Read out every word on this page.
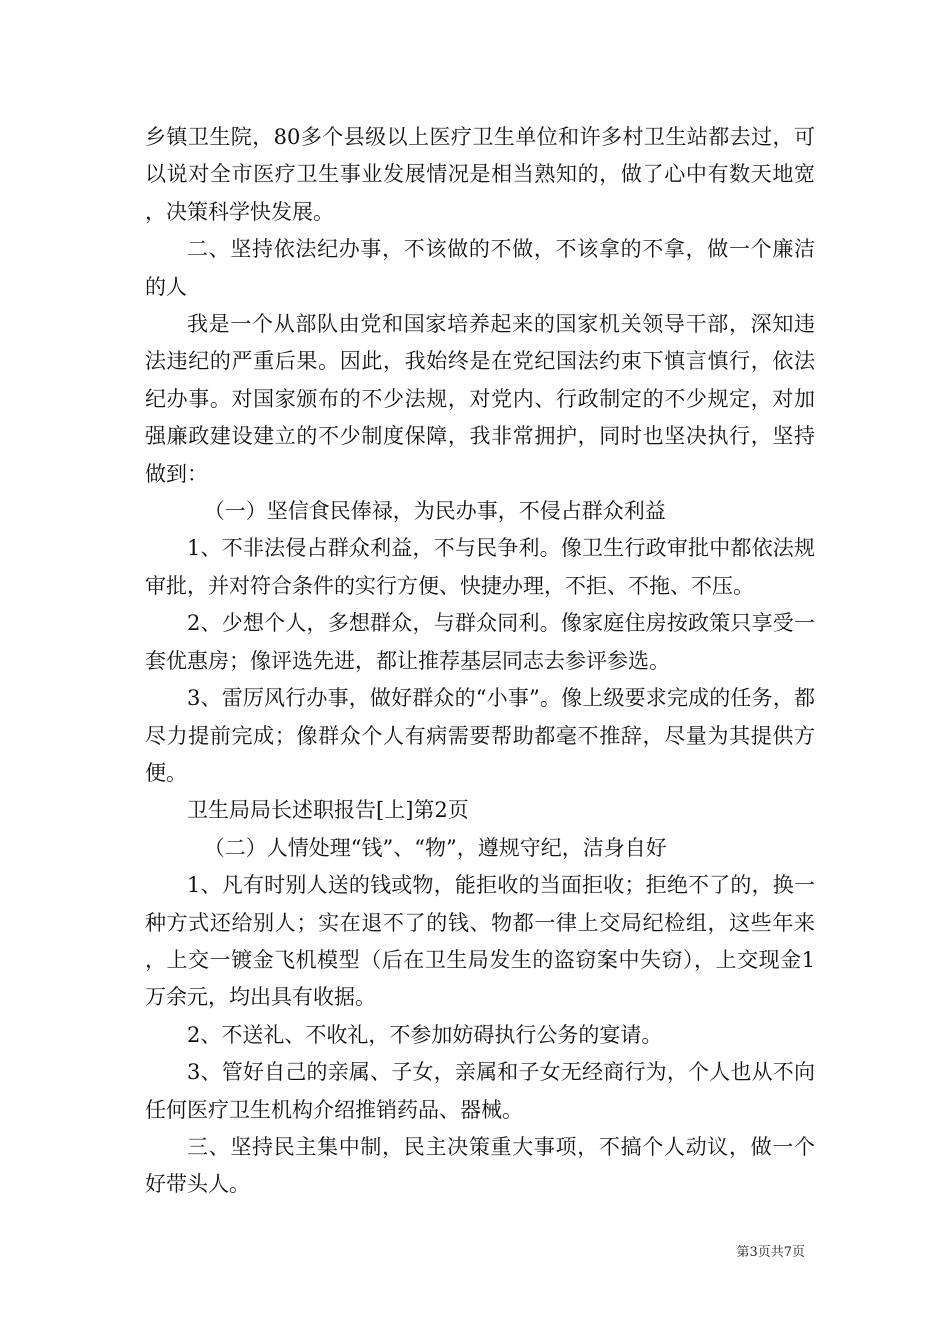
乡镇卫生院，80多个县级以上医疗卫生单位和许多村卫生站都去过，可以说对全市医疗卫生事业发展情况是相当熟知的，做了心中有数天地宽，决策科学快发展。

二、坚持依法纪办事，不该做的不做，不该拿的不拿，做一个廉洁的人

我是一个从部队由党和国家培养起来的国家机关领导干部，深知违法违纪的严重后果。因此，我始终是在党纪国法约束下慎言慎行，依法纪办事。对国家颁布的不少法规，对党内、行政制定的不少规定，对加强廉政建设建立的不少制度保障，我非常拥护，同时也坚决执行，坚持做到：

（一）坚信食民俸禄，为民办事，不侵占群众利益

1、不非法侵占群众利益，不与民争利。像卫生行政审批中都依法规审批，并对符合条件的实行方便、快捷办理，不拒、不拖、不压。

2、少想个人，多想群众，与群众同利。像家庭住房按政策只享受一套优惠房；像评选先进，都让推荐基层同志去参评参选。

3、雷厉风行办事，做好群众的“小事”。像上级要求完成的任务，都尽力提前完成；像群众个人有病需要帮助都毫不推辞，尽量为其提供方便。

卫生局局长述职报告[上]第2页

（二）人情处理“钱”、“物”，遵规守纪，洁身自好

1、凡有时别人送的钱或物，能拒收的当面拒收；拒绝不了的，换一种方式还给别人；实在退不了的钱、物都一律上交局纪检组，这些年来，上交一镀金飞机模型（后在卫生局发生的盗窃案中失窃），上交现金1万余元，均出具有收据。

2、不送礼、不收礼，不参加妨碍执行公务的宴请。

3、管好自己的亲属、子女，亲属和子女无经商行为，个人也从不向任何医疗卫生机构介绍推销药品、器械。

三、坚持民主集中制，民主决策重大事项，不搞个人动议，做一个好带头人。

第3页共7页
